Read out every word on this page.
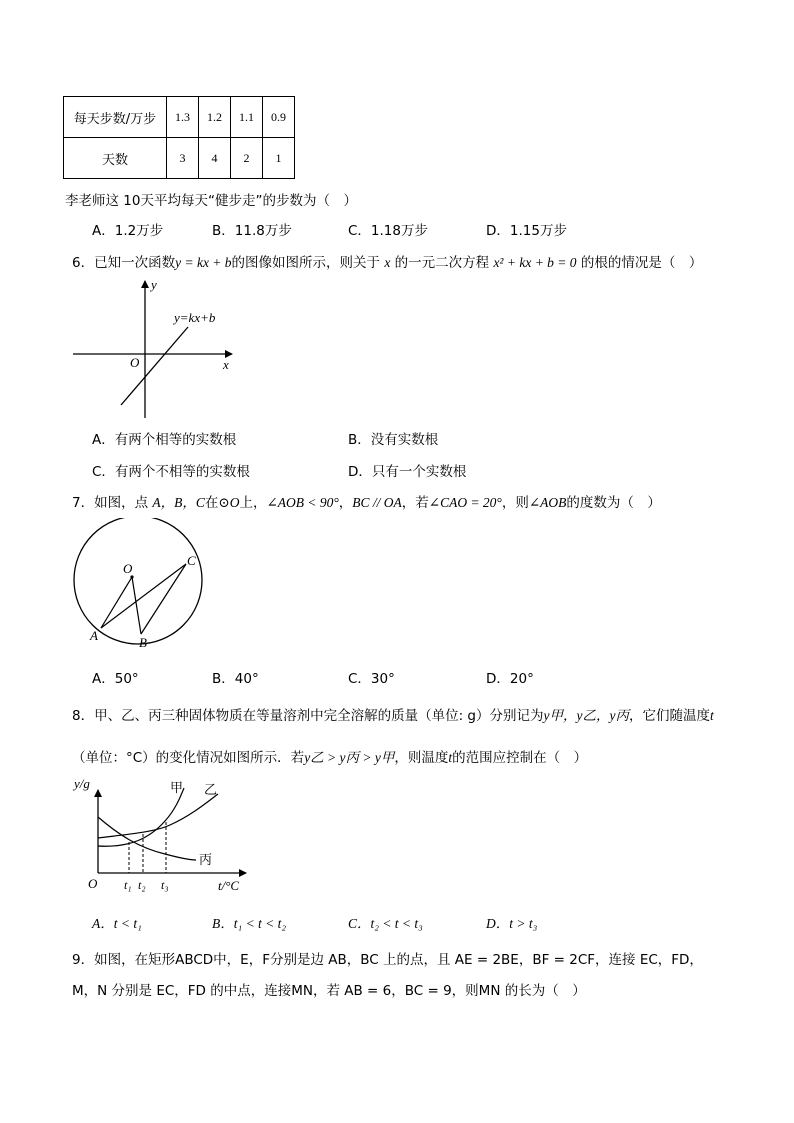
每天步数/万步	1.3	1.2	1.1	0.9
天数	3	4	2	1
李老师这 10天平均每天“健步走”的步数为（　）
A．1.2万步	B．11.8万步	C．1.18万步	D．1.15万步
6．已知一次函数y = kx + b的图像如图所示，则关于 x 的一元二次方程 x² + kx + b = 0 的根的情况是（　）
y
x
O
y=kx+b
A．有两个相等的实数根	B．没有实数根
C．有两个不相等的实数根	D．只有一个实数根
7．如图，点 A，B，C在⊙O上，∠AOB < 90°，BC // OA，若∠CAO = 20°，则∠AOB的度数为（　）
O
A	B
C
A．50°	B．40°	C．30°	D．20°
8．甲、乙、丙三种固体物质在等量溶剂中完全溶解的质量（单位: g）分别记为y甲，y乙，y丙，它们随温度t
（单位：°C）的变化情况如图所示．若y乙 > y丙 > y甲，则温度t的范围应控制在（　）
y/g
t/°C
O
甲 乙
丙
t₁ t₂ t₃
A．t < t₁	B．t₁ < t < t₂	C．t₂ < t < t₃	D．t > t₃
9．如图，在矩形ABCD中，E，F分别是边 AB，BC 上的点，且 AE = 2BE，BF = 2CF，连接 EC，FD，
M，N 分别是 EC，FD 的中点，连接MN，若 AB = 6，BC = 9，则MN 的长为（　）
